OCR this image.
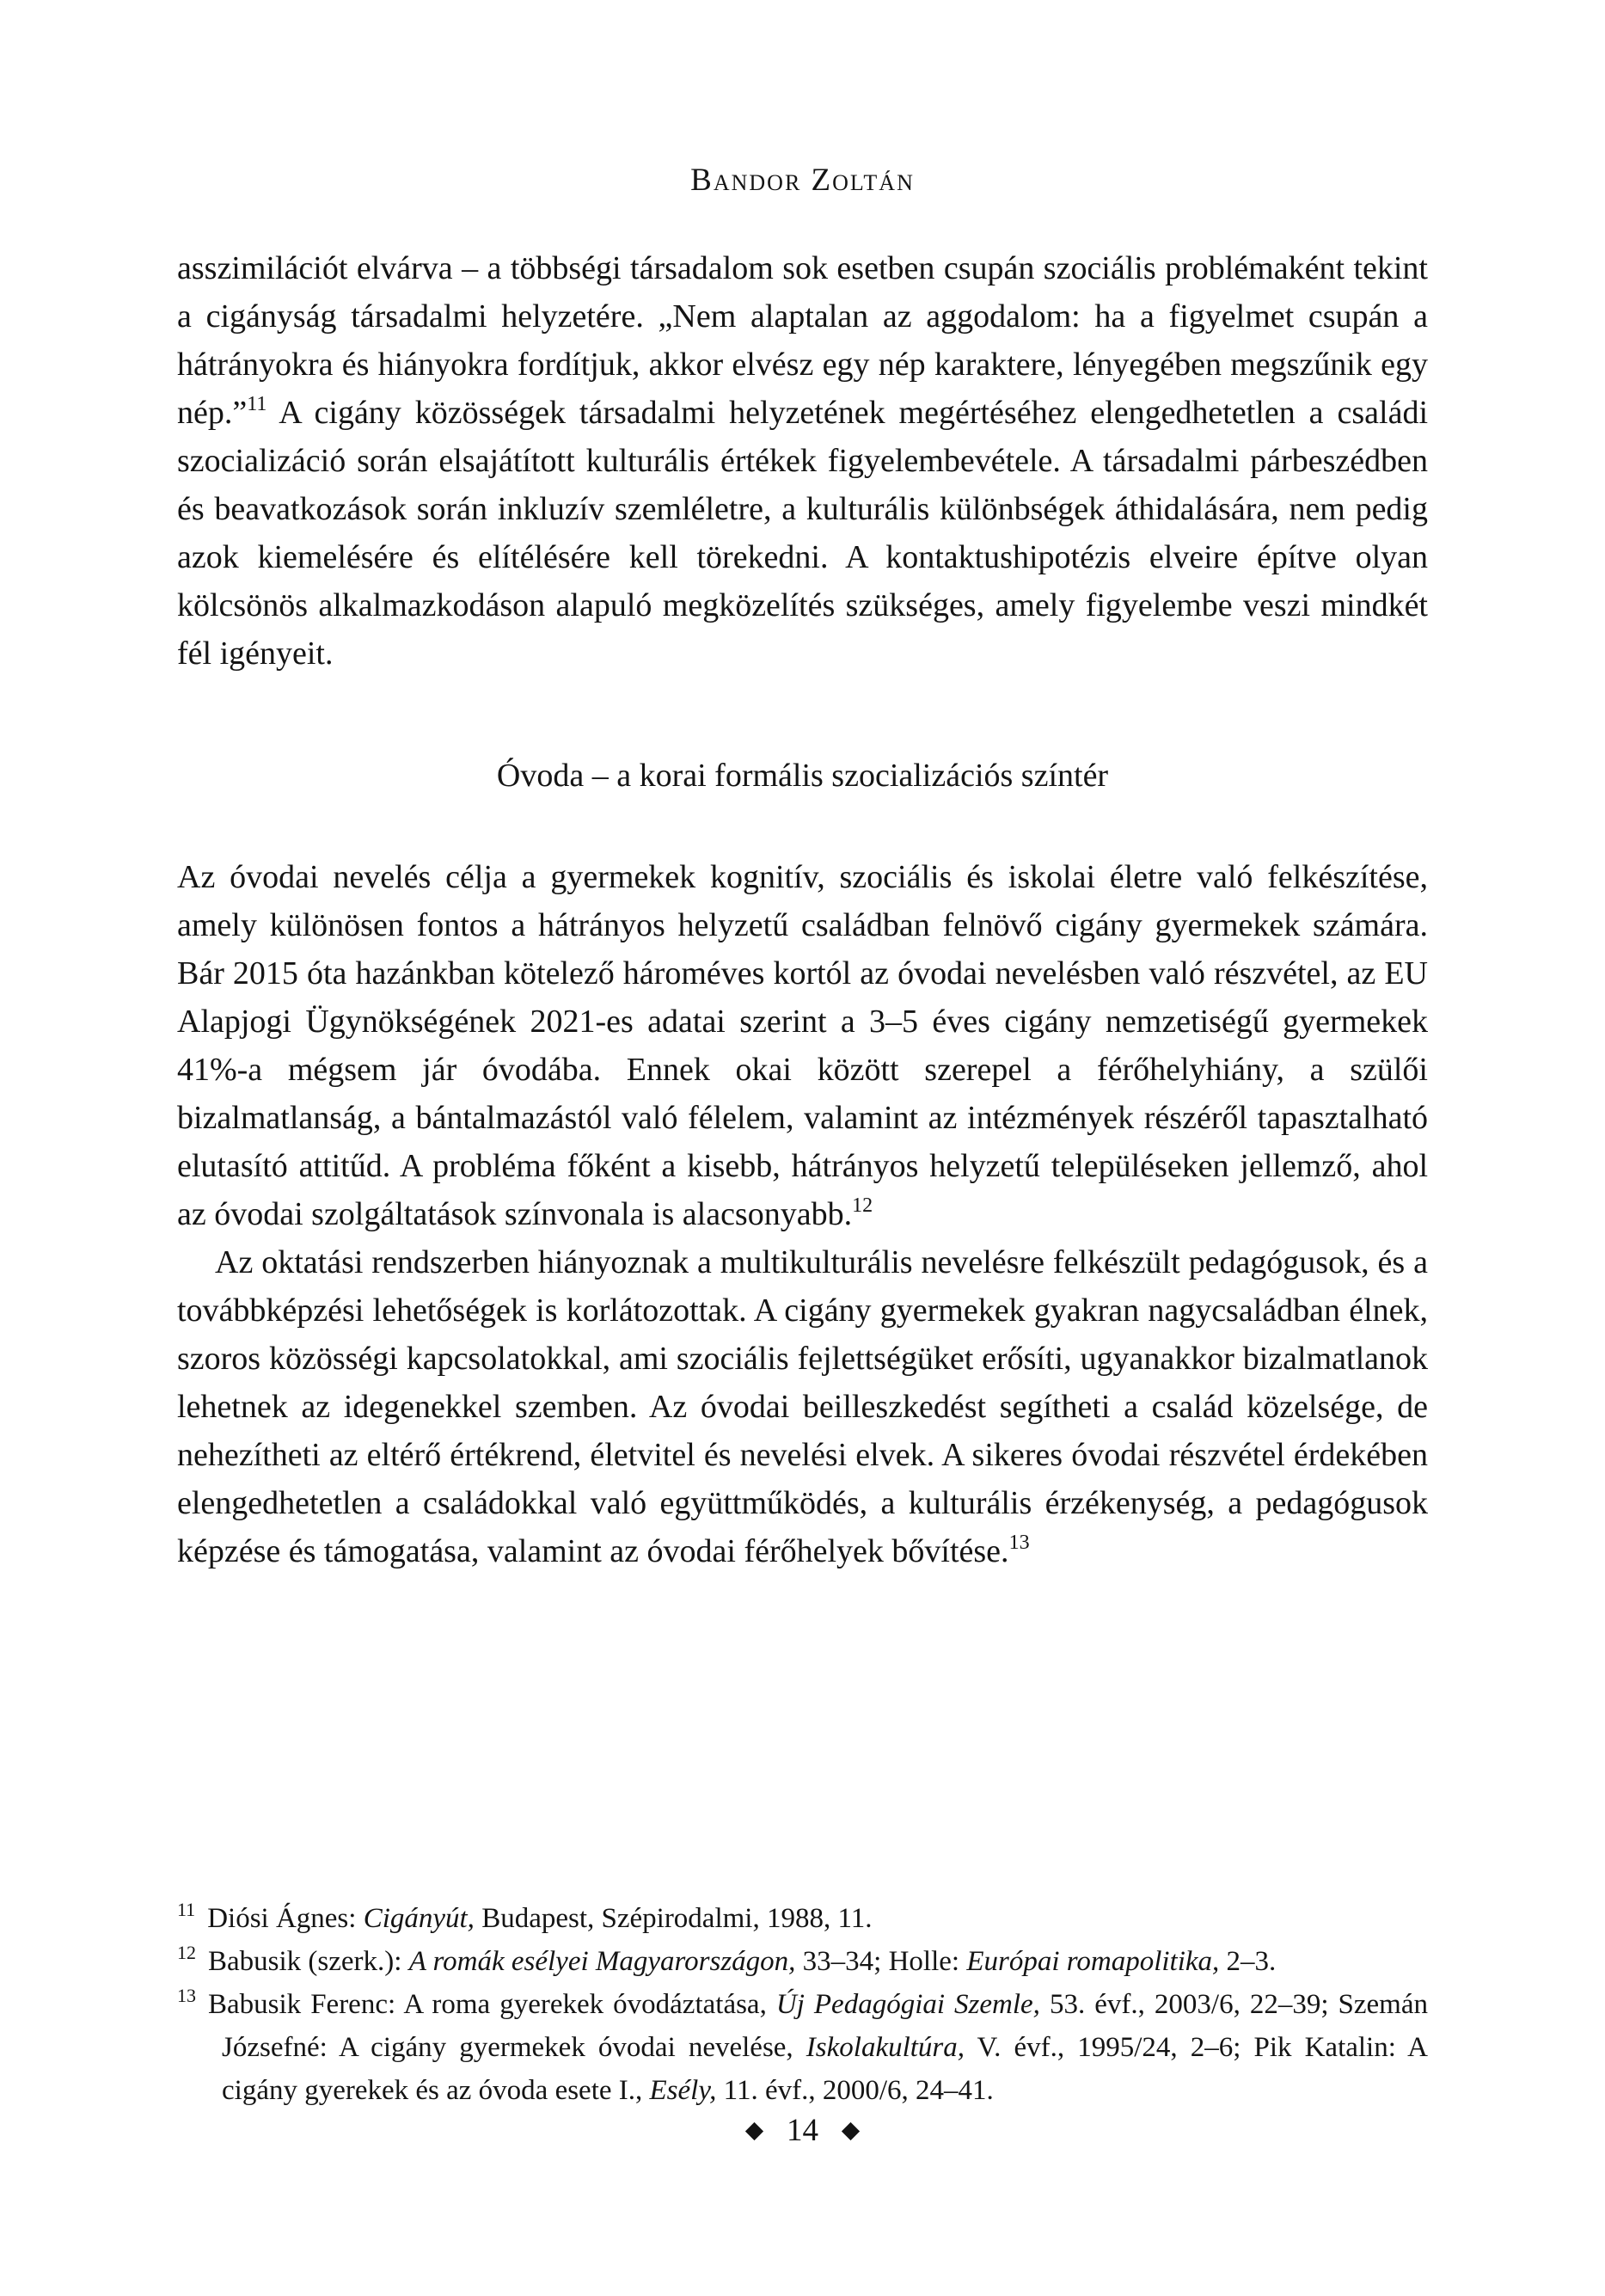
Bandor Zoltán

asszimilációt elvárva – a többségi társadalom sok esetben csupán szociális problémaként tekint a cigányság társadalmi helyzetére. „Nem alaptalan az aggodalom: ha a figyelmet csupán a hátrányokra és hiányokra fordítjuk, akkor elvész egy nép karaktere, lényegében megszűnik egy nép.”$^{11}$ A cigány közösségek társadalmi helyzetének megértéséhez elengedhetetlen a családi szocializáció során elsajátított kulturális értékek figyelembevétele. A társadalmi párbeszédben és beavatkozások során inkluzív szemléletre, a kulturális különbségek áthidalására, nem pedig azok kiemelésére és elítélésére kell törekedni. A kontaktushipotézis elveire építve olyan kölcsönös alkalmazkodáson alapuló megközelítés szükséges, amely figyelembe veszi mindkét fél igényeit.

Óvoda – a korai formális szocializációs színtér

Az óvodai nevelés célja a gyermekek kognitív, szociális és iskolai életre való felkészítése, amely különösen fontos a hátrányos helyzetű családban felnövő cigány gyermekek számára. Bár 2015 óta hazánkban kötelező hároméves kortól az óvodai nevelésben való részvétel, az EU Alapjogi Ügynökségének 2021-es adatai szerint a 3–5 éves cigány nemzetiségű gyermekek 41%-a mégsem jár óvodába. Ennek okai között szerepel a férőhelyhiány, a szülői bizalmatlanság, a bántalmazástól való félelem, valamint az intézmények részéről tapasztalható elutasító attitűd. A probléma főként a kisebb, hátrányos helyzetű településeken jellemző, ahol az óvodai szolgáltatások színvonala is alacsonyabb.$^{12}$

Az oktatási rendszerben hiányoznak a multikulturális nevelésre felkészült pedagógusok, és a továbbképzési lehetőségek is korlátozottak. A cigány gyermekek gyakran nagycsaládban élnek, szoros közösségi kapcsolatokkal, ami szociális fejlettségüket erősíti, ugyanakkor bizalmatlanok lehetnek az idegenekkel szemben. Az óvodai beilleszkedést segítheti a család közelsége, de nehezítheti az eltérő értékrend, életvitel és nevelési elvek. A sikeres óvodai részvétel érdekében elengedhetetlen a családokkal való együttműködés, a kulturális érzékenység, a pedagógusok képzése és támogatása, valamint az óvodai férőhelyek bővítése.$^{13}$

$^{11}$ Diósi Ágnes: Cigányút, Budapest, Szépirodalmi, 1988, 11.

$^{12}$ Babusik (szerk.): A romák esélyei Magyarországon, 33–34; Holle: Európai romapolitika, 2–3.

$^{13}$ Babusik Ferenc: A roma gyerekek óvodáztatása, Új Pedagógiai Szemle, 53. évf., 2003/6, 22–39; Szemán Józsefné: A cigány gyermekek óvodai nevelése, Iskolakultúra, V. évf., 1995/24, 2–6; Pik Katalin: A cigány gyerekek és az óvoda esete I., Esély, 11. évf., 2000/6, 24–41.

14
